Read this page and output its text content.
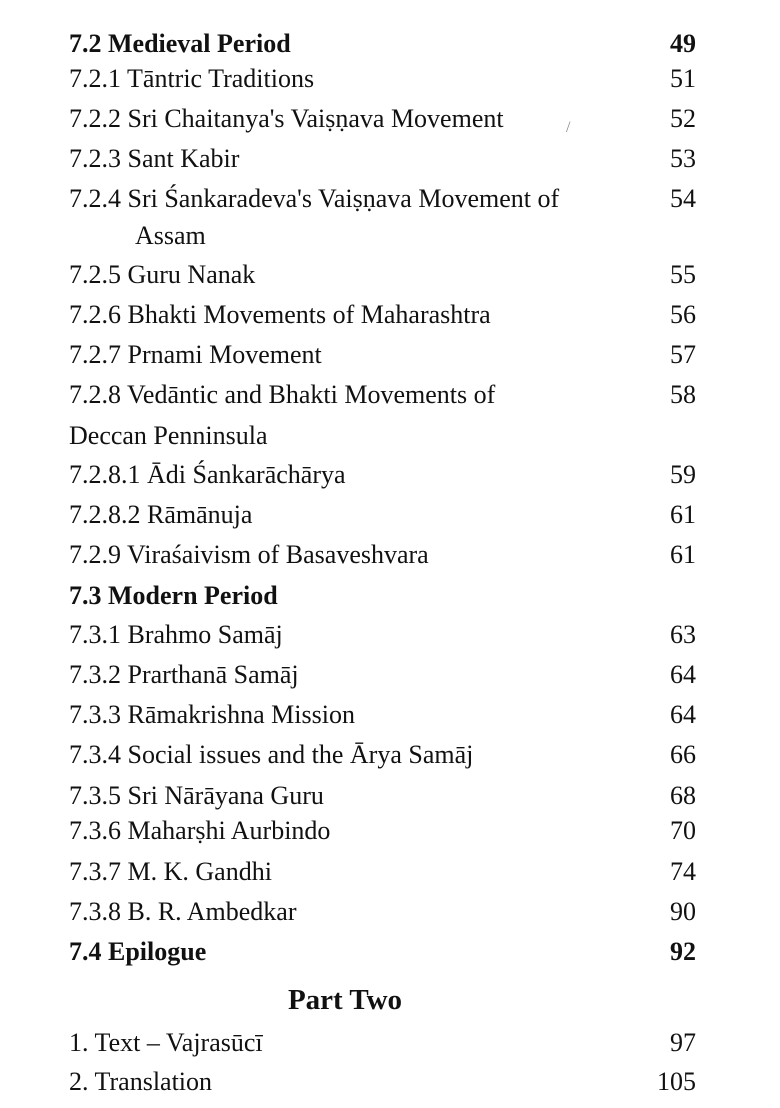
/
Part Two
7.2 Medieval Period	49
7.2.1 Tāntric Traditions	51
7.2.2 Sri Chaitanya's Vaiṣṇava Movement	52
7.2.3 Sant Kabir	53
7.2.4 Sri Śankaradeva's Vaiṣṇava Movement of	54
Assam
7.2.5 Guru Nanak	55
7.2.6 Bhakti Movements of Maharashtra	56
7.2.7 Prnami Movement	57
7.2.8 Vedāntic and Bhakti Movements of	58
Deccan Penninsula
7.2.8.1 Ādi Śankarāchārya	59
7.2.8.2 Rāmānuja	61
7.2.9 Viraśaivism of Basaveshvara	61
7.3 Modern Period
7.3.1 Brahmo Samāj	63
7.3.2 Prarthanā Samāj	64
7.3.3 Rāmakrishna Mission	64
7.3.4 Social issues and the Ārya Samāj	66
7.3.5 Sri Nārāyana Guru	68
7.3.6 Maharṣhi Aurbindo	70
7.3.7 M. K. Gandhi	74
7.3.8 B. R. Ambedkar	90
7.4 Epilogue	92
1. Text – Vajrasūcī	97
2. Translation	105
